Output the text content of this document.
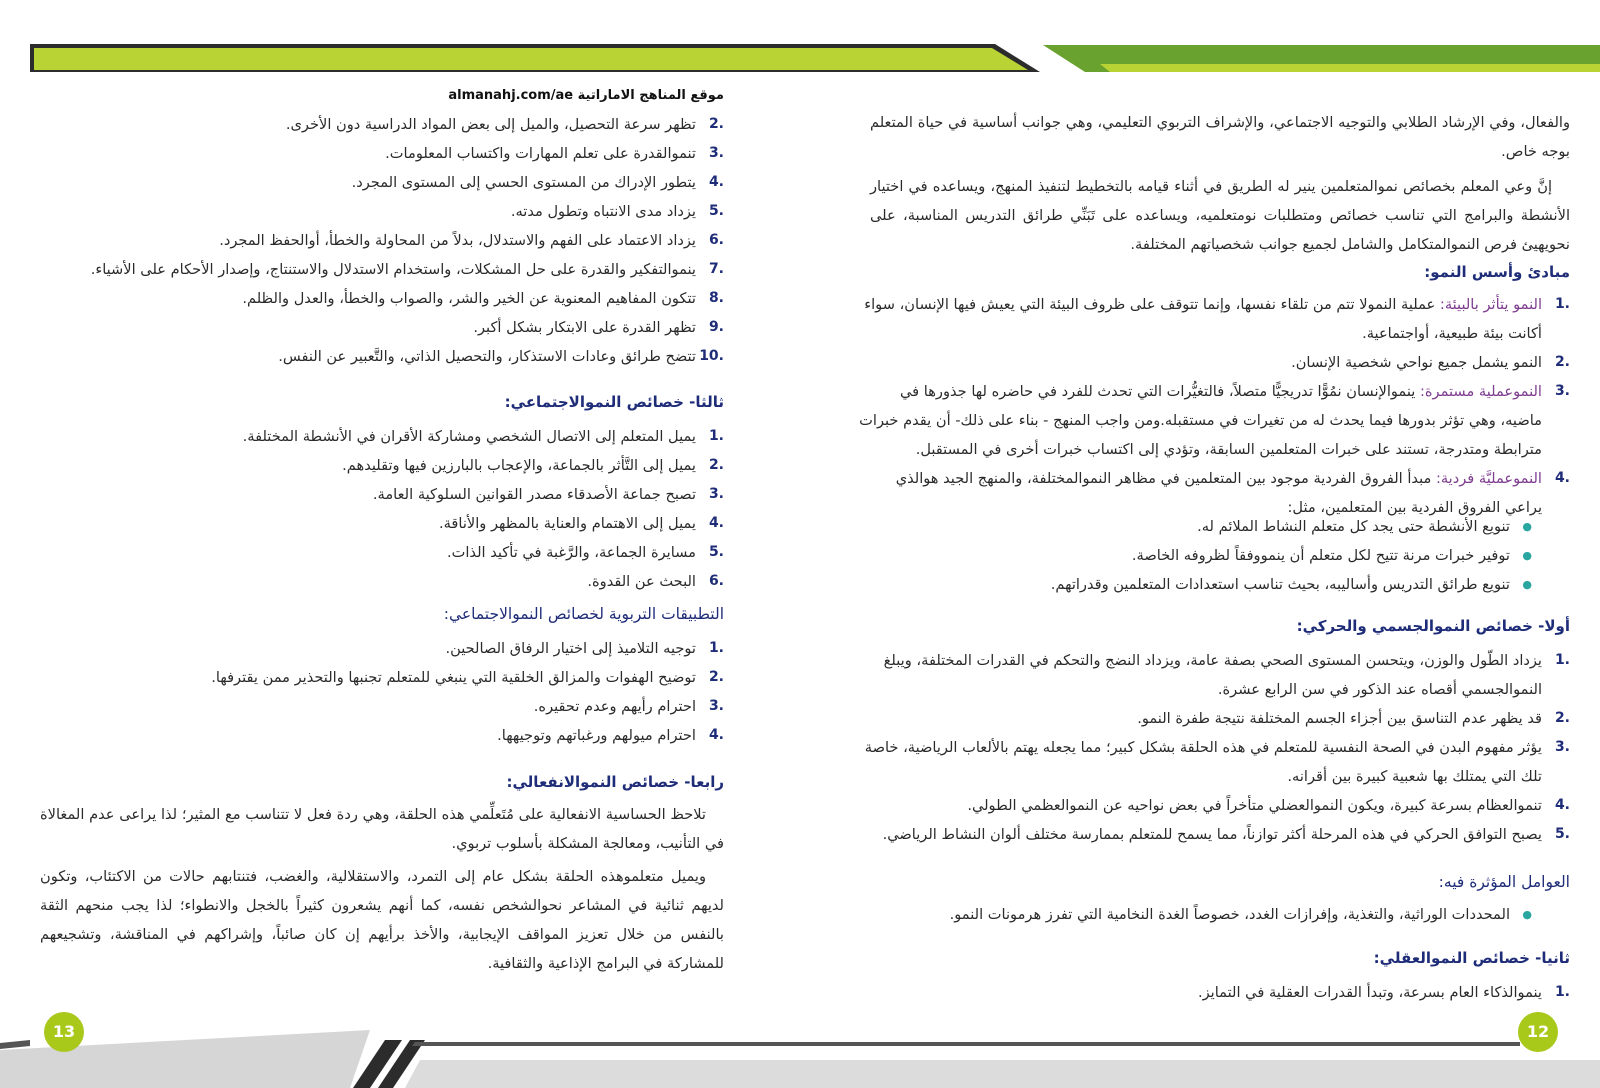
13	12
almanahj.com/ae موقع المناهج الاماراتية
2.
تظهر سرعة التحصيل، والميل إلى بعض المواد الدراسية دون الأخرى.
3.
تنموالقدرة على تعلم المهارات واكتساب المعلومات.
4.
يتطور الإدراك من المستوى الحسي إلى المستوى المجرد.
5.
يزداد مدى الانتباه وتطول مدته.
6.
يزداد الاعتماد على الفهم والاستدلال، بدلاً من المحاولة والخطأ، أوالحفظ المجرد.
7.
ينموالتفكير والقدرة على حل المشكلات، واستخدام الاستدلال والاستنتاج، وإصدار الأحكام على الأشياء.
8.
تتكون المفاهيم المعنوية عن الخير والشر، والصواب والخطأ، والعدل والظلم.
9.
تظهر القدرة على الابتكار بشكل أكبر.
10.
تتضح طرائق وعادات الاستذكار، والتحصيل الذاتي، والتَّعبير عن النفس.
ثالثا- خصائص النموالاجتماعي:
1.
يميل المتعلم إلى الاتصال الشخصي ومشاركة الأقران في الأنشطة المختلفة.
2.
يميل إلى التَّأثر بالجماعة، والإعجاب بالبارزين فيها وتقليدهم.
3.
تصبح جماعة الأصدقاء مصدر القوانين السلوكية العامة.
4.
يميل إلى الاهتمام والعناية بالمظهر والأناقة.
5.
مسايرة الجماعة، والرَّغبة في تأكيد الذات.
6.
البحث عن القدوة.
التطبيقات التربوية لخصائص النموالاجتماعي:
1.
توجيه التلاميذ إلى اختيار الرفاق الصالحين.
2.
توضيح الهفوات والمزالق الخلقية التي ينبغي للمتعلم تجنبها والتحذير ممن يقترفها.
3.
احترام رأيهم وعدم تحقيره.
4.
احترام ميولهم ورغباتهم وتوجيهها.
رابعا- خصائص النموالانفعالي:

تلاحظ الحساسية الانفعالية على مُتَعلِّمي هذه الحلقة، وهي ردة فعل لا تتناسب مع المثير؛ لذا يراعى عدم المغالاة في التأنيب، ومعالجة المشكلة بأسلوب تربوي.

ويميل متعلموهذه الحلقة بشكل عام إلى التمرد، والاستقلالية، والغضب، فتنتابهم حالات من الاكتئاب، وتكون لديهم ثنائية في المشاعر نحوالشخص نفسه، كما أنهم يشعرون كثيراً بالخجل والانطواء؛ لذا يجب منحهم الثقة بالنفس من خلال تعزيز المواقف الإيجابية، والأخذ برأيهم إن كان صائباً، وإشراكهم في المناقشة، وتشجيعهم للمشاركة في البرامج الإذاعية والثقافية.

والفعال، وفي الإرشاد الطلابي والتوجيه الاجتماعي، والإشراف التربوي التعليمي، وهي جوانب أساسية في حياة المتعلم بوجه خاص.

إنَّ وعي المعلم بخصائص نموالمتعلمين ينير له الطريق في أثناء قيامه بالتخطيط لتنفيذ المنهج، ويساعده في اختيار الأنشطة والبرامج التي تناسب خصائص ومتطلبات نومتعلميه، ويساعده على تَبَنِّي طرائق التدريس المناسبة، على نحويهيئ فرص النموالمتكامل والشامل لجميع جوانب شخصياتهم المختلفة.

مبادئ وأسس النمو:
1.
النمو يتأثر بالبيئة: عملية النمولا تتم من تلقاء نفسها، وإنما تتوقف على ظروف البيئة التي يعيش فيها الإنسان، سواء أكانت بيئة طبيعية، أواجتماعية.
2.
النمو يشمل جميع نواحي شخصية الإنسان.
3.
النموعملية مستمرة: ينموالإنسان نمُوًّا تدريجيًّا متصلاً، فالتغيُّرات التي تحدث للفرد في حاضره لها جذورها في ماضيه، وهي تؤثر بدورها فيما يحدث له من تغيرات في مستقبله.ومن واجب المنهج - بناء على ذلك- أن يقدم خبرات مترابطة ومتدرجة، تستند على خبرات المتعلمين السابقة، وتؤدي إلى اكتساب خبرات أخرى في المستقبل.
4.
النموعمليَّة فردية: مبدأ الفروق الفردية موجود بين المتعلمين في مظاهر النموالمختلفة، والمنهج الجيد هوالذي يراعي الفروق الفردية بين المتعلمين، مثل:
●
تنويع الأنشطة حتى يجد كل متعلم النشاط الملائم له.
●
توفير خبرات مرنة تتيح لكل متعلم أن ينمووفقاً لظروفه الخاصة.
●
تنويع طرائق التدريس وأساليبه، بحيث تناسب استعدادات المتعلمين وقدراتهم.
أولا- خصائص النموالجسمي والحركي:
1.
يزداد الطّول والوزن، ويتحسن المستوى الصحي بصفة عامة، ويزداد النضج والتحكم في القدرات المختلفة، ويبلغ النموالجسمي أقصاه عند الذكور في سن الرابع عشرة.
2.
قد يظهر عدم التناسق بين أجزاء الجسم المختلفة نتيجة طفرة النمو.
3.
يؤثر مفهوم البدن في الصحة النفسية للمتعلم في هذه الحلقة بشكل كبير؛ مما يجعله يهتم بالألعاب الرياضية، خاصة تلك التي يمتلك بها شعبية كبيرة بين أقرانه.
4.
تنموالعظام بسرعة كبيرة، ويكون النموالعضلي متأخراً في بعض نواحيه عن النموالعظمي الطولي.
5.
يصبح التوافق الحركي في هذه المرحلة أكثر توازناً، مما يسمح للمتعلم بممارسة مختلف ألوان النشاط الرياضي.
العوامل المؤثرة فيه:
●
المحددات الوراثية، والتغذية، وإفرازات الغدد، خصوصاً الغدة النخامية التي تفرز هرمونات النمو.
ثانيا- خصائص النموالعقلي:
1.
ينموالذكاء العام بسرعة، وتبدأ القدرات العقلية في التمايز.
